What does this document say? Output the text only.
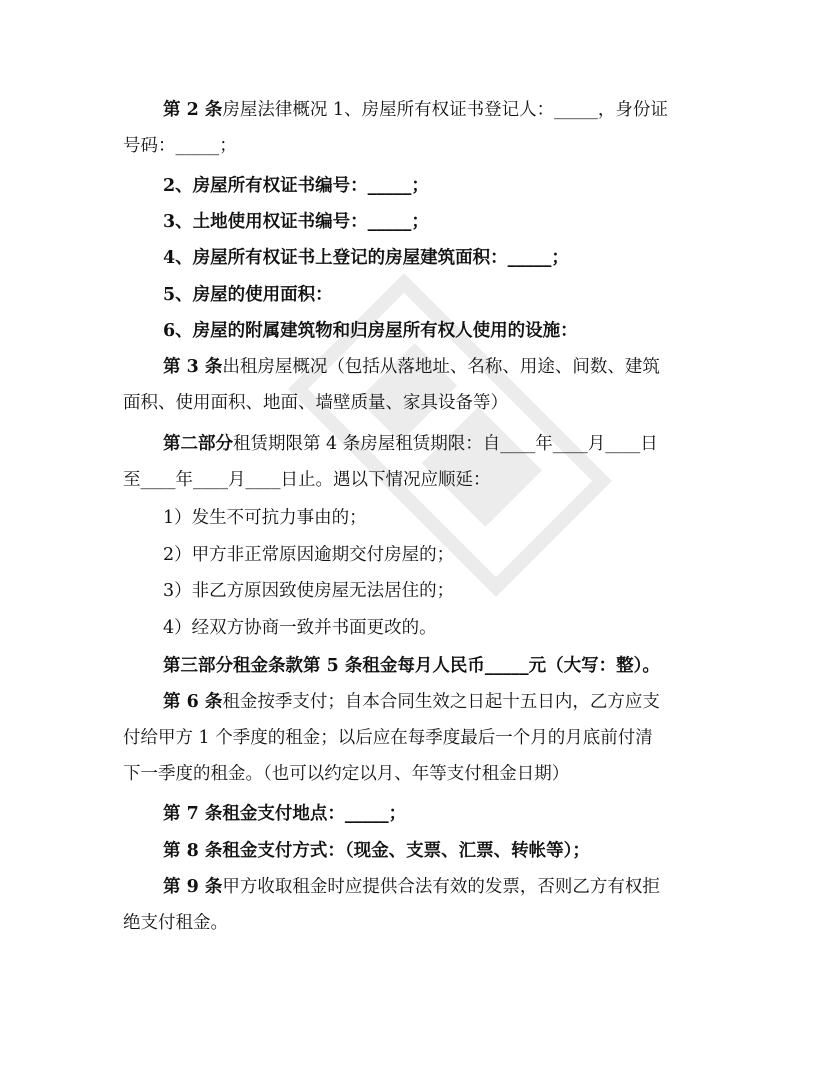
第 2 条房屋法律概况 1、房屋所有权证书登记人：_____，身份证
号码：_____；
2、房屋所有权证书编号：_____；
3、土地使用权证书编号：_____；
4、房屋所有权证书上登记的房屋建筑面积：_____；
5、房屋的使用面积：
6、房屋的附属建筑物和归房屋所有权人使用的设施：
第 3 条出租房屋概况（包括从落地址、名称、用途、间数、建筑
面积、使用面积、地面、墙壁质量、家具设备等）
第二部分租赁期限第 4 条房屋租赁期限：自____年____月____日
至____年____月____日止。遇以下情况应顺延：
1）发生不可抗力事由的；
2）甲方非正常原因逾期交付房屋的；
3）非乙方原因致使房屋无法居住的；
4）经双方协商一致并书面更改的。
第三部分租金条款第 5 条租金每月人民币_____元（大写：整）。
第 6 条租金按季支付；自本合同生效之日起十五日内，乙方应支
付给甲方 1 个季度的租金；以后应在每季度最后一个月的月底前付清
下一季度的租金。（也可以约定以月、年等支付租金日期）
第 7 条租金支付地点：_____；
第 8 条租金支付方式：（现金、支票、汇票、转帐等）；
第 9 条甲方收取租金时应提供合法有效的发票，否则乙方有权拒
绝支付租金。
